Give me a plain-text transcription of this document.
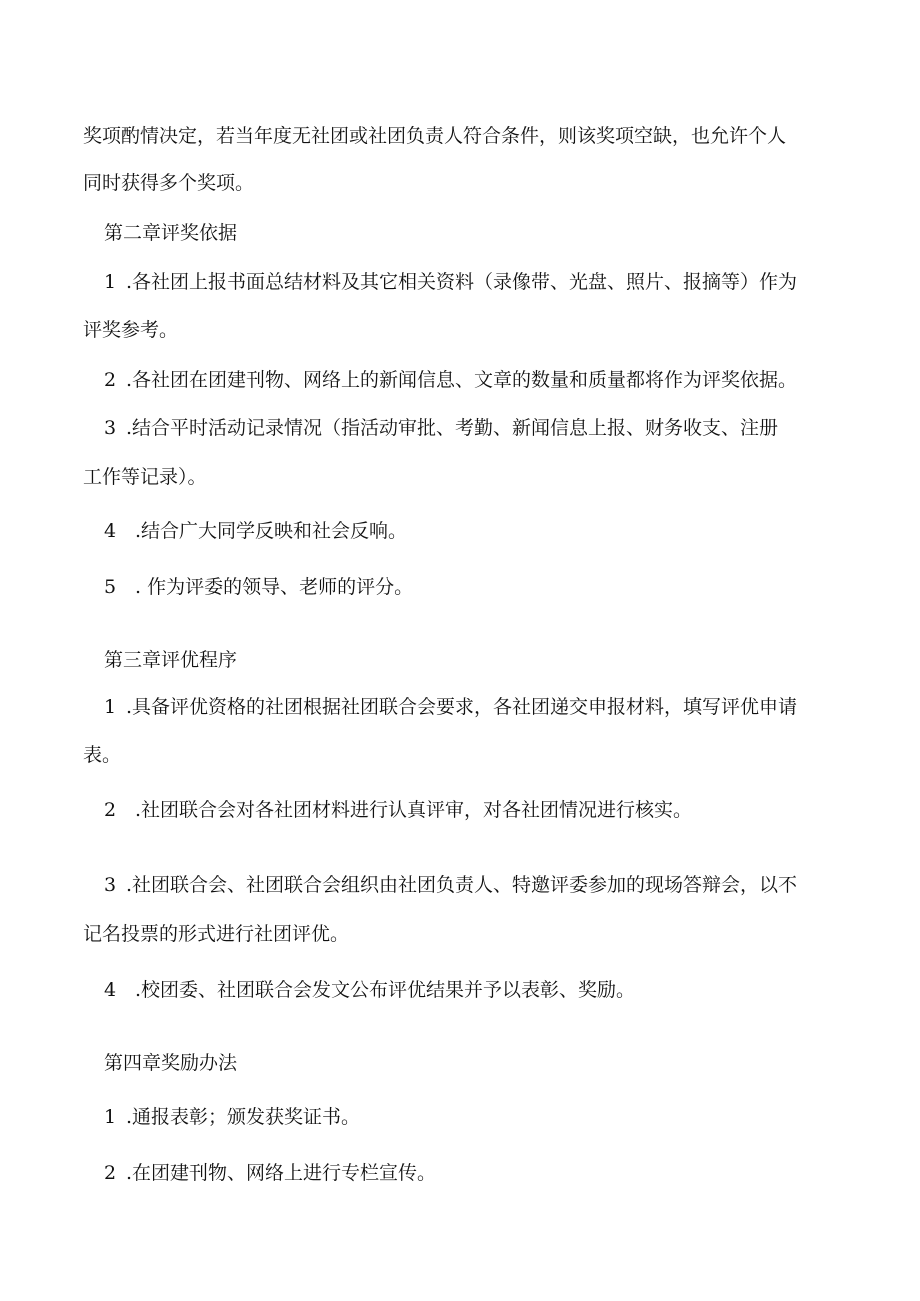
奖项酌情决定，若当年度无社团或社团负责人符合条件，则该奖项空缺，也允许个人
同时获得多个奖项。
第二章评奖依据
1 .各社团上报书面总结材料及其它相关资料（录像带、光盘、照片、报摘等）作为
评奖参考。
2 .各社团在团建刊物、网络上的新闻信息、文章的数量和质量都将作为评奖依据。
3 .结合平时活动记录情况（指活动审批、考勤、新闻信息上报、财务收支、注册
工作等记录）。
4 .结合广大同学反映和社会反响。
5 . 作为评委的领导、老师的评分。
第三章评优程序
1 .具备评优资格的社团根据社团联合会要求，各社团递交申报材料，填写评优申请
表。
2 .社团联合会对各社团材料进行认真评审，对各社团情况进行核实。
3 .社团联合会、社团联合会组织由社团负责人、特邀评委参加的现场答辩会，以不
记名投票的形式进行社团评优。
4 .校团委、社团联合会发文公布评优结果并予以表彰、奖励。
第四章奖励办法
1 .通报表彰；颁发获奖证书。
2 .在团建刊物、网络上进行专栏宣传。
